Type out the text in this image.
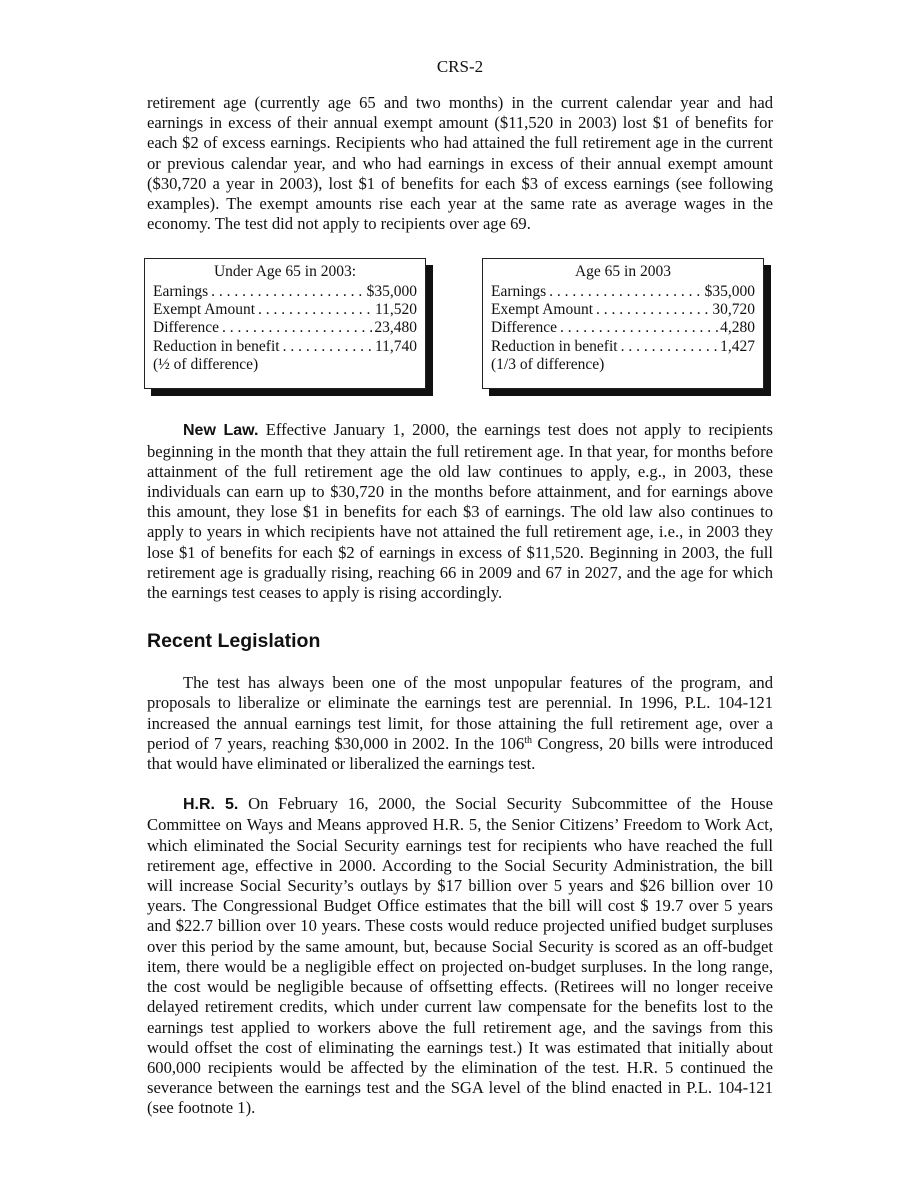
CRS-2

retirement age (currently age 65 and two months) in the current calendar year and had earnings in excess of their annual exempt amount ($11,520 in 2003) lost $1 of benefits for each $2 of excess earnings. Recipients who had attained the full retirement age in the current or previous calendar year, and who had earnings in excess of their annual exempt amount ($30,720 a year in 2003), lost $1 of benefits for each $3 of excess earnings (see following examples). The exempt amounts rise each year at the same rate as average wages in the economy. The test did not apply to recipients over age 69.

Under Age 65 in 2003:
Earnings . . .	$35,000
Exempt Amount . . .	11,520
Difference . . .	23,480
Reduction in benefit . . .	11,740
(½ of difference)
Age 65 in 2003
Earnings . . .	$35,000
Exempt Amount . . .	30,720
Difference . . .	4,280
Reduction in benefit . . .	1,427
(1/3 of difference)

New Law. Effective January 1, 2000, the earnings test does not apply to recipients beginning in the month that they attain the full retirement age. In that year, for months before attainment of the full retirement age the old law continues to apply, e.g., in 2003, these individuals can earn up to $30,720 in the months before attainment, and for earnings above this amount, they lose $1 in benefits for each $3 of earnings. The old law also continues to apply to years in which recipients have not attained the full retirement age, i.e., in 2003 they lose $1 of benefits for each $2 of earnings in excess of $11,520. Beginning in 2003, the full retirement age is gradually rising, reaching 66 in 2009 and 67 in 2027, and the age for which the earnings test ceases to apply is rising accordingly.

Recent Legislation

The test has always been one of the most unpopular features of the program, and proposals to liberalize or eliminate the earnings test are perennial. In 1996, P.L. 104-121 increased the annual earnings test limit, for those attaining the full retirement age, over a period of 7 years, reaching $30,000 in 2002. In the 106th Congress, 20 bills were introduced that would have eliminated or liberalized the earnings test.

H.R. 5. On February 16, 2000, the Social Security Subcommittee of the House Committee on Ways and Means approved H.R. 5, the Senior Citizens’ Freedom to Work Act, which eliminated the Social Security earnings test for recipients who have reached the full retirement age, effective in 2000. According to the Social Security Administration, the bill will increase Social Security’s outlays by $17 billion over 5 years and $26 billion over 10 years. The Congressional Budget Office estimates that the bill will cost $ 19.7 over 5 years and $22.7 billion over 10 years. These costs would reduce projected unified budget surpluses over this period by the same amount, but, because Social Security is scored as an off-budget item, there would be a negligible effect on projected on-budget surpluses. In the long range, the cost would be negligible because of offsetting effects. (Retirees will no longer receive delayed retirement credits, which under current law compensate for the benefits lost to the earnings test applied to workers above the full retirement age, and the savings from this would offset the cost of eliminating the earnings test.) It was estimated that initially about 600,000 recipients would be affected by the elimination of the test. H.R. 5 continued the severance between the earnings test and the SGA level of the blind enacted in P.L. 104-121 (see footnote 1).
